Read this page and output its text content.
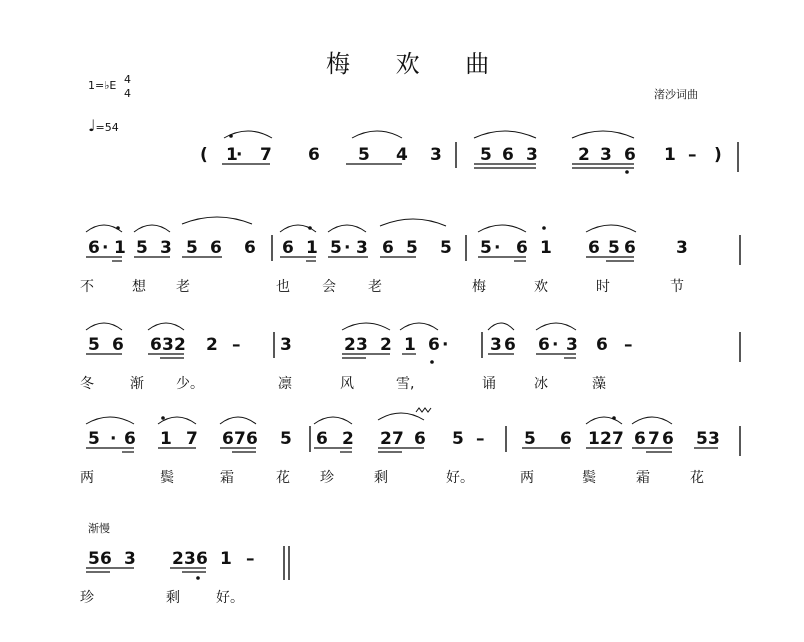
梅 欢 曲
渚沙词曲
1=♭E 4
4
♩=54
渐慢
( 1
· 7 6 5 4 3 5 6 3 2 3 6 1 – )
6 · 1 5 3 5 6 6 6 1 5 · 3 6 5 5 5 · 6 1 6 5 6 3
不	想 老	也 会 老	梅	欢	时	节
5 6 6 3 2 2 – 3	2 3 2 1 6 · 3 6 6 · 3 6 –
冬	渐 少。	凛	风	雪,	诵	冰	藻
5 · 6 1 7 6 7 6 5 6 2 2 7 6 5 – 5 6 1 2 7 6 7 6 5 3
两	鬓	霜	花 珍	剩	好。	两	鬓	霜	花
5 6 3 2 3 6 1 –
珍	剩	好。
